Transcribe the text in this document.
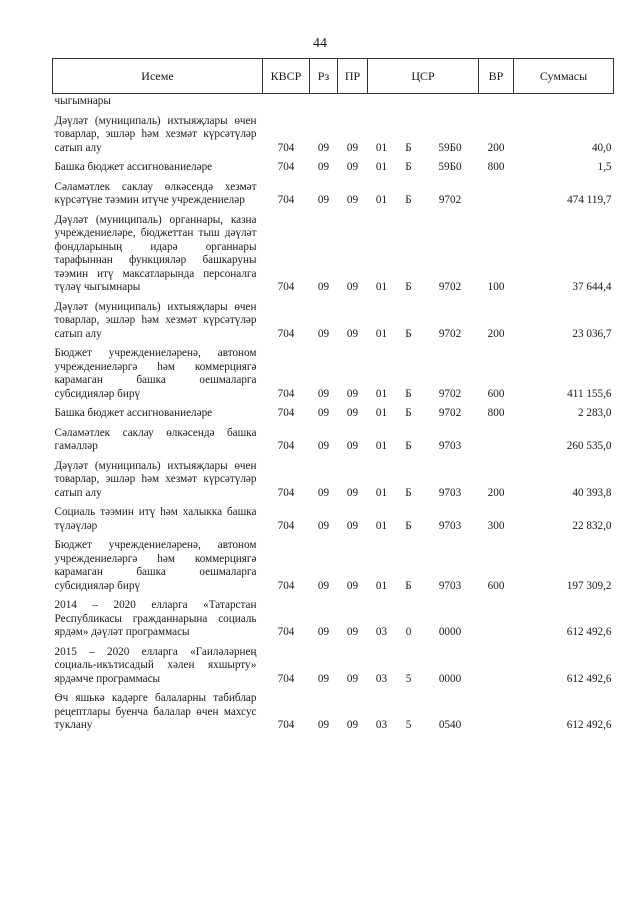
44
Исеме	КВСР	Рз	ПР	ЦСР			ВР	Суммасы
чыгымнары								
Дәүләт (муниципаль) ихтыяҗлары өчен товарлар, эшләр һәм хезмәт күрсәтүләр сатып алу	704	09	09	01	Б	59Б0	200	40,0
Башка бюджет ассигнованиеләре	704	09	09	01	Б	59Б0	800	1,5
Сәламәтлек саклау өлкәсендә хезмәт күрсәтүне тәэмин итүче учреждениеләр	704	09	09	01	Б	9702		474 119,7
Дәүләт (муниципаль) органнары, казна учреждениеләре, бюджеттан тыш дәүләт фондларының идарә органнары тарафыннан функцияләр башкаруны тәэмин итү максатларында персоналга түләү чыгымнары	704	09	09	01	Б	9702	100	37 644,4
Дәүләт (муниципаль) ихтыяҗлары өчен товарлар, эшләр һәм хезмәт күрсәтүләр сатып алу	704	09	09	01	Б	9702	200	23 036,7
Бюджет учреждениеләренә, автоном учреждениеләргә һәм коммерциягә карамаган башка оешмаларга субсидияләр бирү	704	09	09	01	Б	9702	600	411 155,6
Башка бюджет ассигнованиеләре	704	09	09	01	Б	9702	800	2 283,0
Сәламәтлек саклау өлкәсендә башка гамәлләр	704	09	09	01	Б	9703		260 535,0
Дәүләт (муниципаль) ихтыяҗлары өчен товарлар, эшләр һәм хезмәт күрсәтүләр сатып алу	704	09	09	01	Б	9703	200	40 393,8
Социаль тәэмин итү һәм халыкка башка түләүләр	704	09	09	01	Б	9703	300	22 832,0
Бюджет учреждениеләренә, автоном учреждениеләргә һәм коммерциягә карамаган башка оешмаларга субсидияләр бирү	704	09	09	01	Б	9703	600	197 309,2
2014 – 2020 елларга «Татарстан Республикасы гражданнарына социаль ярдәм» дәүләт программасы	704	09	09	03	0	0000		612 492,6
2015 – 2020 елларга «Гаиләләрнең социаль-икътисадый хәлен яхшырту» ярдәмче программасы	704	09	09	03	5	0000		612 492,6
Өч яшькә кадәрге балаларны табиблар рецептлары буенча балалар өчен махсус туклану	704	09	09	03	5	0540		612 492,6
